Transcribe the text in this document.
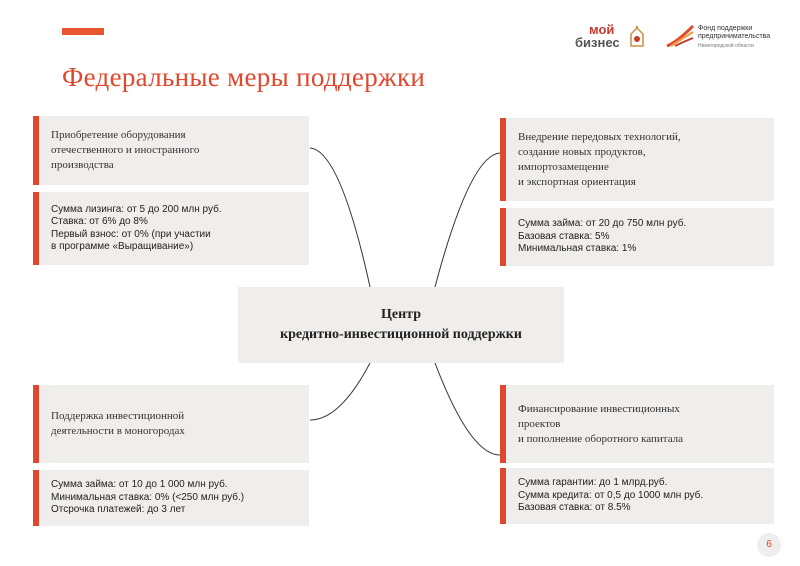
Федеральные меры поддержки
мой
бизнес
Фонд поддержки
предпринимательства
Нижегородской области
Приобретение оборудования
отечественного и иностранного
производства
Сумма лизинга: от 5 до 200 млн руб.
Ставка: от 6% до 8%
Первый взнос: от 0% (при участии
в программе «Выращивание»)
Внедрение передовых технологий,
создание новых продуктов,
импортозамещение
и экспортная ориентация
Сумма займа: от 20 до 750 млн руб.
Базовая ставка: 5%
Минимальная ставка: 1%
Центр
кредитно-инвестиционной поддержки
Поддержка инвестиционной
деятельности в моногородах
Сумма займа: от 10 до 1 000 млн руб.
Минимальная ставка: 0% (<250 млн руб.)
Отсрочка платежей: до 3 лет
Финансирование инвестиционных
проектов
и пополнение оборотного капитала
Сумма гарантии: до 1 млрд.руб.
Сумма кредита: от 0,5 до 1000 млн руб.
Базовая ставка: от 8.5%
6
